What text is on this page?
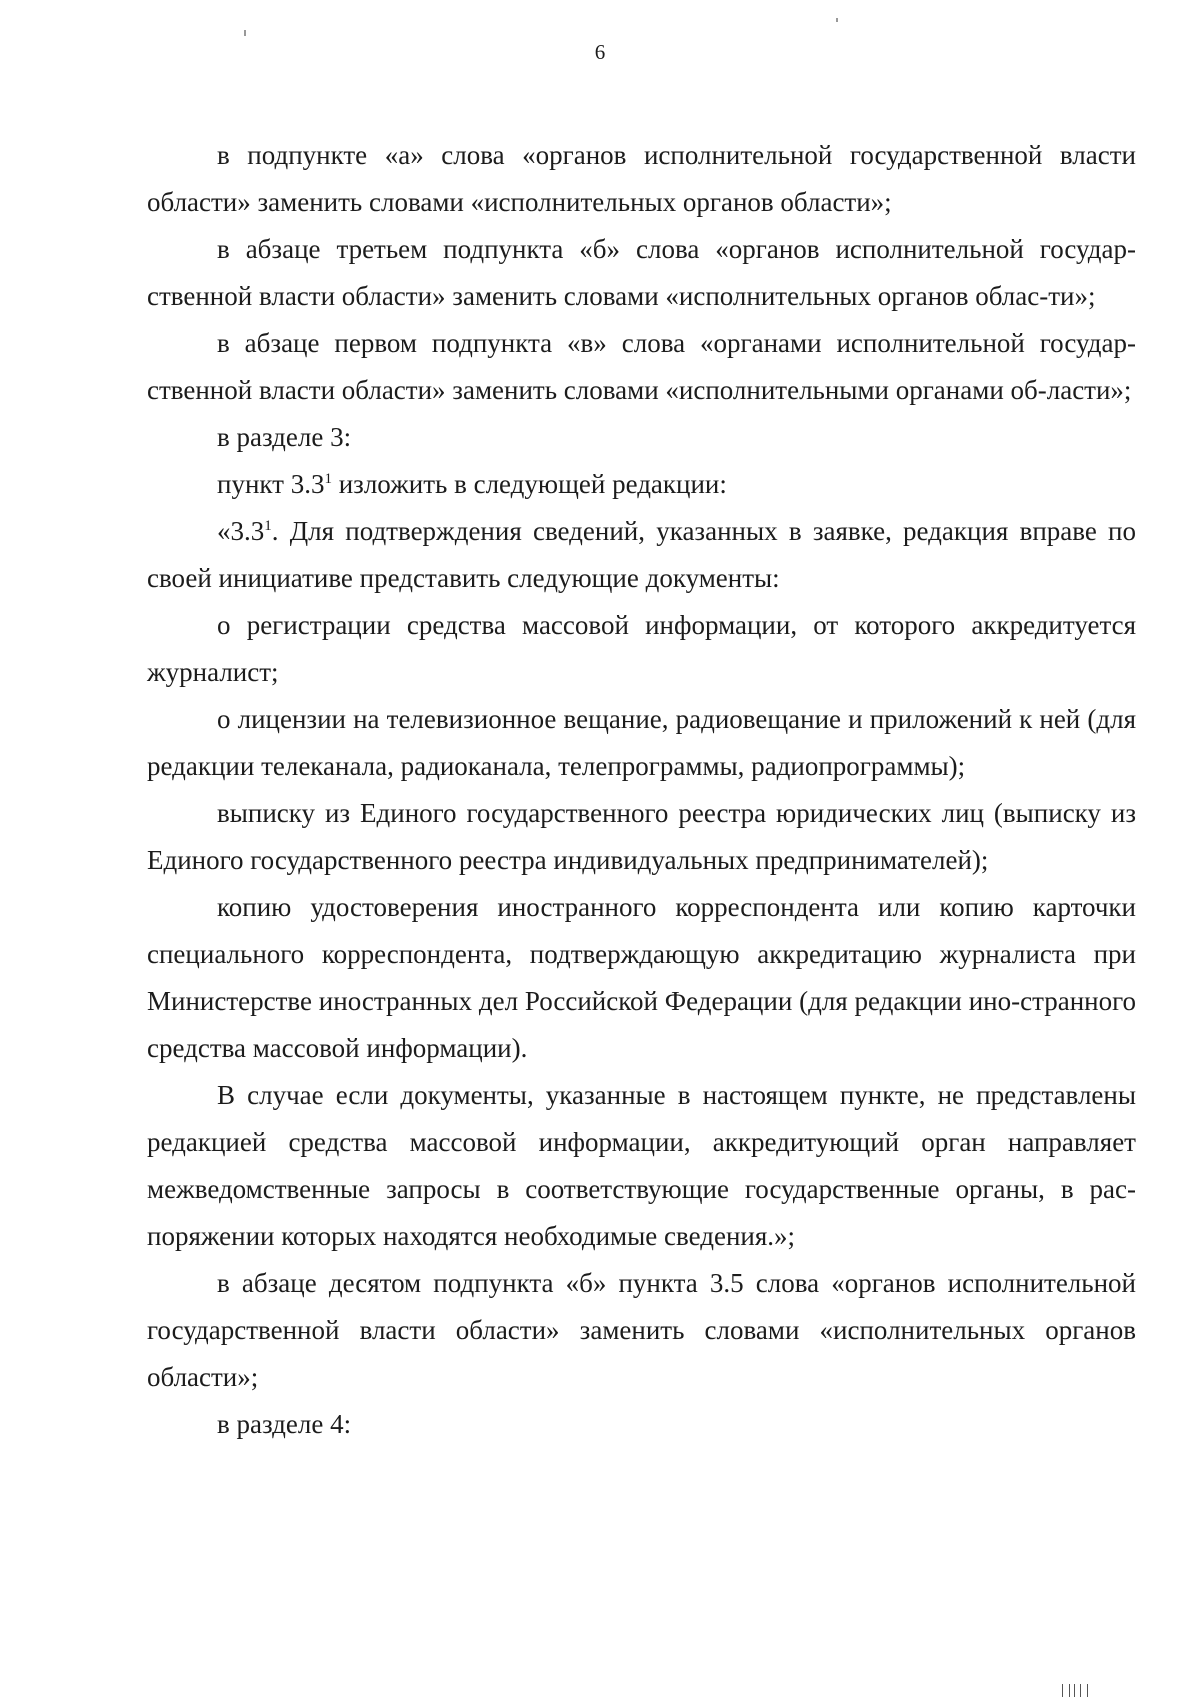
6

в подпункте «а» слова «органов исполнительной государственной власти области» заменить словами «исполнительных органов области»;

в абзаце третьем подпункта «б» слова «органов исполнительной государ-ственной власти области» заменить словами «исполнительных органов облас-ти»;

в абзаце первом подпункта «в» слова «органами исполнительной государ-ственной власти области» заменить словами «исполнительными органами об-ласти»;

в разделе 3:

пункт $3.3^1$ изложить в следующей редакции:

«$3.3^1$. Для подтверждения сведений, указанных в заявке, редакция вправе по своей инициативе представить следующие документы:

о регистрации средства массовой информации, от которого аккредитуется журналист;

о лицензии на телевизионное вещание, радиовещание и приложений к ней (для редакции телеканала, радиоканала, телепрограммы, радиопрограммы);

выписку из Единого государственного реестра юридических лиц (выписку из Единого государственного реестра индивидуальных предпринимателей);

копию удостоверения иностранного корреспондента или копию карточки специального корреспондента, подтверждающую аккредитацию журналиста при Министерстве иностранных дел Российской Федерации (для редакции ино-странного средства массовой информации).

В случае если документы, указанные в настоящем пункте, не представлены редакцией средства массовой информации, аккредитующий орган направляет межведомственные запросы в соответствующие государственные органы, в рас-поряжении которых находятся необходимые сведения.»;

в абзаце десятом подпункта «б» пункта 3.5 слова «органов исполнительной государственной власти области» заменить словами «исполнительных органов области»;

в разделе 4:
